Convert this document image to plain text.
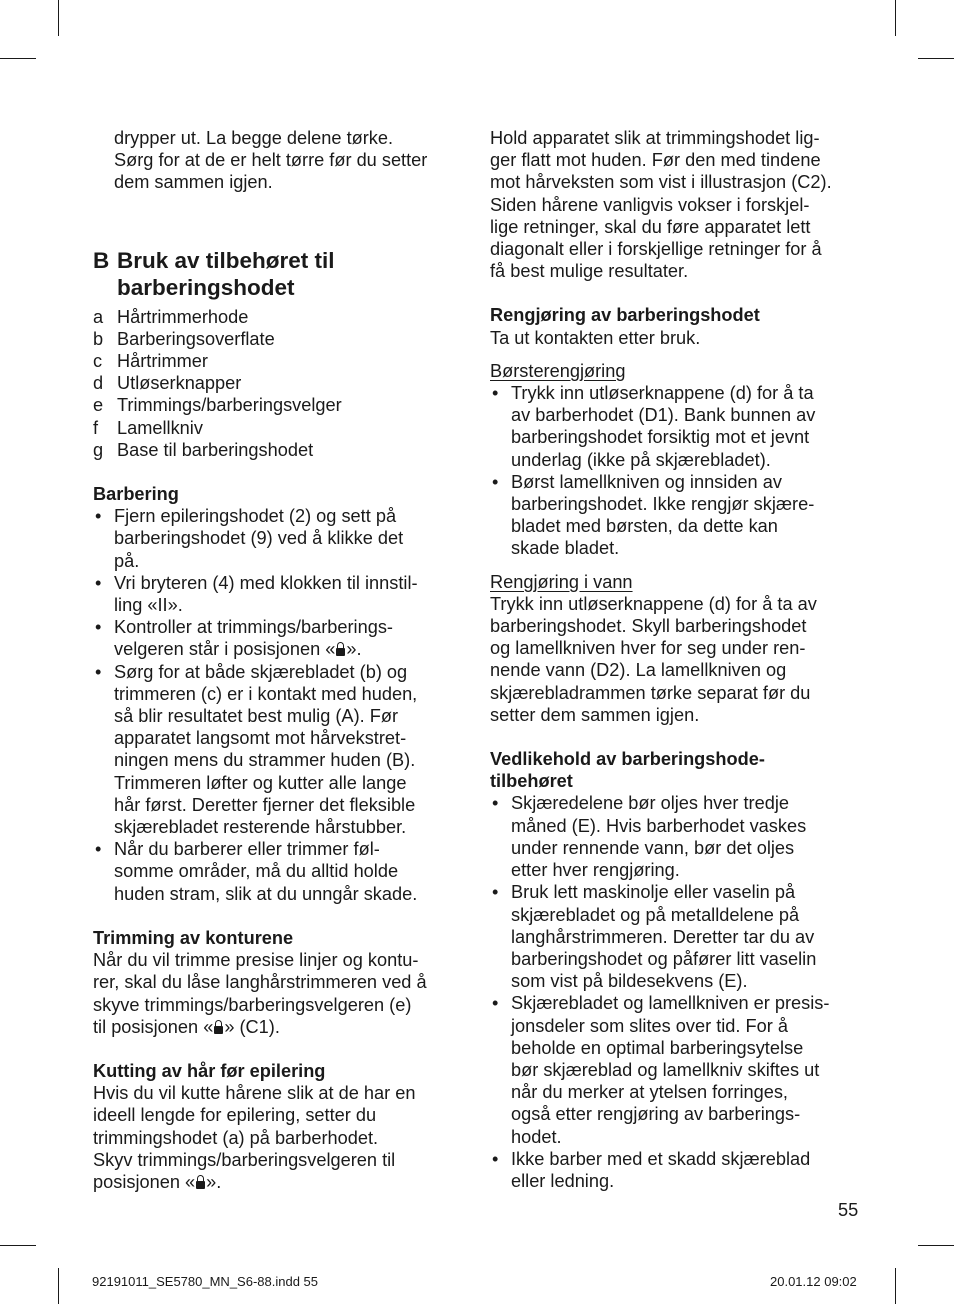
drypper ut. La begge delene tørke.

Sørg for at de er helt tørre før du setter

dem sammen igjen.

B Bruk av tilbehøret til
barberingshodet
a Hårtrimmerhode
b Barberingsoverflate
c Hårtrimmer
d Utløserknapper
e Trimmings/barberingsvelger
f	Lamellkniv
g Base til barberingshodet

Barbering

• Fjern epileringshodet (2) og sett på

barberingshodet (9) ved å klikke det

på.

• Vri bryteren (4) med klokken til innstil-

ling «II».

• Kontroller at trimmings/barberings-

velgeren står i posisjonen « ».

• Sørg for at både skjærebladet (b) og

trimmeren (c) er i kontakt med huden,

så blir resultatet best mulig (A). Før

apparatet langsomt mot hårvekstret-

ningen mens du strammer huden (B).

Trimmeren løfter og kutter alle lange

hår først. Deretter fjerner det fleksible

skjærebladet resterende hårstubber.

• Når du barberer eller trimmer føl-

somme områder, må du alltid holde

huden stram, slik at du unngår skade.

Trimming av konturene

Når du vil trimme presise linjer og kontu-

rer, skal du låse langhårstrimmeren ved å

skyve trimmings/barberingsvelgeren (e)

til posisjonen « » (C1).

Kutting av hår før epilering

Hvis du vil kutte hårene slik at de har en

ideell lengde for epilering, setter du

trimmingshodet (a) på barberhodet.

Skyv trimmings/barberingsvelgeren til

posisjonen « ».

Hold apparatet slik at trimmingshodet lig-

ger flatt mot huden. Før den med tindene

mot hårveksten som vist i illustrasjon (C2).

Siden hårene vanligvis vokser i forskjel-

lige retninger, skal du føre apparatet lett

diagonalt eller i forskjellige retninger for å

få best mulige resultater.

Rengjøring av barberingshodet

Ta ut kontakten etter bruk.

Børsterengjøring

• Trykk inn utløserknappene (d) for å ta

av barberhodet (D1). Bank bunnen av

barberingshodet forsiktig mot et jevnt

underlag (ikke på skjærebladet).

• Børst lamellkniven og innsiden av

barberingshodet. Ikke rengjør skjære-

bladet med børsten, da dette kan

skade bladet.

Rengjøring i vann

Trykk inn utløserknappene (d) for å ta av

barberingshodet. Skyll barberingshodet

og lamellkniven hver for seg under ren-

nende vann (D2). La lamellkniven og

skjærebladrammen tørke separat før du

setter dem sammen igjen.

Vedlikehold av barberingshode-

tilbehøret

• Skjæredelene bør oljes hver tredje

måned (E). Hvis barberhodet vaskes

under rennende vann, bør det oljes

etter hver rengjøring.

• Bruk lett maskinolje eller vaselin på

skjærebladet og på metalldelene på

langhårstrimmeren. Deretter tar du av

barberingshodet og påfører litt vaselin

som vist på bildesekvens (E).

• Skjærebladet og lamellkniven er presis-

jonsdeler som slites over tid. For å

beholde en optimal barberingsytelse

bør skjæreblad og lamellkniv skiftes ut

når du merker at ytelsen forringes,

også etter rengjøring av barberings-

hodet.

• Ikke barber med et skadd skjæreblad

eller ledning.

55
92191011_SE5780_MN_S6-88.indd 55	20.01.12 09:02
